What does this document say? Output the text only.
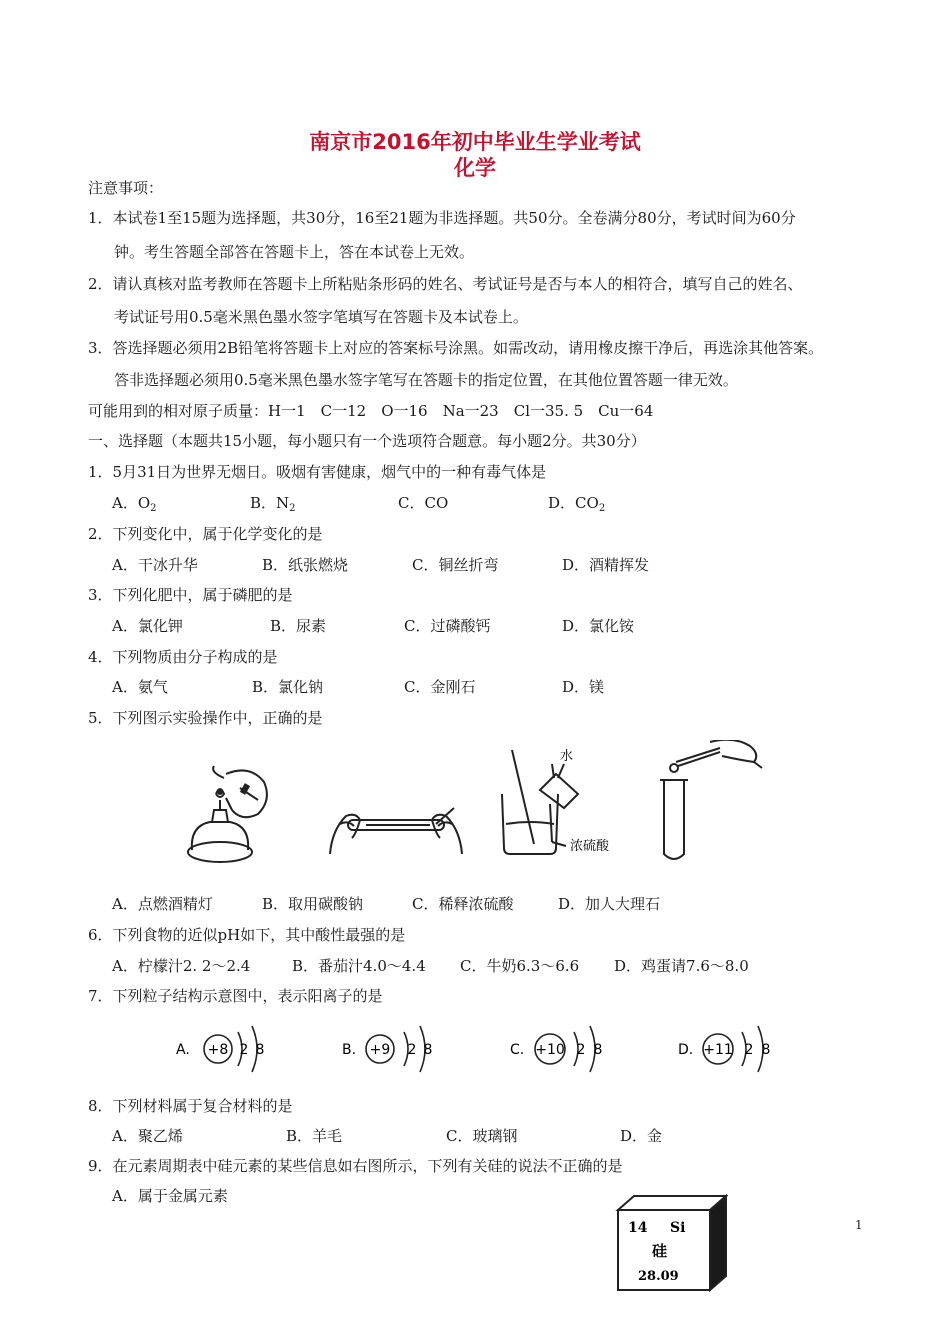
南京市2016年初中毕业生学业考试
化学
注意事项：
1．本试卷1至15题为选择题，共30分，16至21题为非选择题。共50分。全卷满分80分，考试时间为60分
钟。考生答题全部答在答题卡上，答在本试卷上无效。
2．请认真核对监考教师在答题卡上所粘贴条形码的姓名、考试证号是否与本人的相符合，填写自己的姓名、
考试证号用0.5毫米黑色墨水签字笔填写在答题卡及本试卷上。
3．答选择题必须用2B铅笔将答题卡上对应的答案标号涂黑。如需改动，请用橡皮擦干净后，再选涂其他答案。
答非选择题必须用0.5毫米黑色墨水签字笔写在答题卡的指定位置，在其他位置答题一律无效。
可能用到的相对原子质量：H一1　C一12　O一16　Na一23　Cl一35. 5　Cu一64
一、选择题（本题共15小题，每小题只有一个选项符合题意。每小题2分。共30分）
1．5月31日为世界无烟日。吸烟有害健康，烟气中的一种有毒气体是
A．$O_2$	B．$N_2$	C．CO	D．$CO_2$
2．下列变化中，属于化学变化的是
A．干冰升华	B．纸张燃烧	C．铜丝折弯	D．酒精挥发
3．下列化肥中，属于磷肥的是
A．氯化钾	B．尿素	C．过磷酸钙	D．氯化铵
4．下列物质由分子构成的是
A．氨气	B．氯化钠	C．金刚石	D．镁
5．下列图示实验操作中，正确的是
水
浓硫酸
A．点燃酒精灯	B．取用碳酸钠	C．稀释浓硫酸	D．加人大理石
6．下列食物的近似pH如下，其中酸性最强的是
A．柠檬汁2. 2～2.4	B．番茄汁4.0～4.4 C．牛奶6.3～6.6 D．鸡蛋请7.6～8.0
7．下列粒子结构示意图中，表示阳离子的是
A. +8 2 8	B. +9 2 8	C. +10 2 8	D. +11 2 8
8．下列材料属于复合材料的是
A．聚乙烯	B．羊毛	C．玻璃钢	D．金
9．在元素周期表中硅元素的某些信息如右图所示，下列有关硅的说法不正确的是
A．属于金属元素
14 Si
硅
28.09
1
